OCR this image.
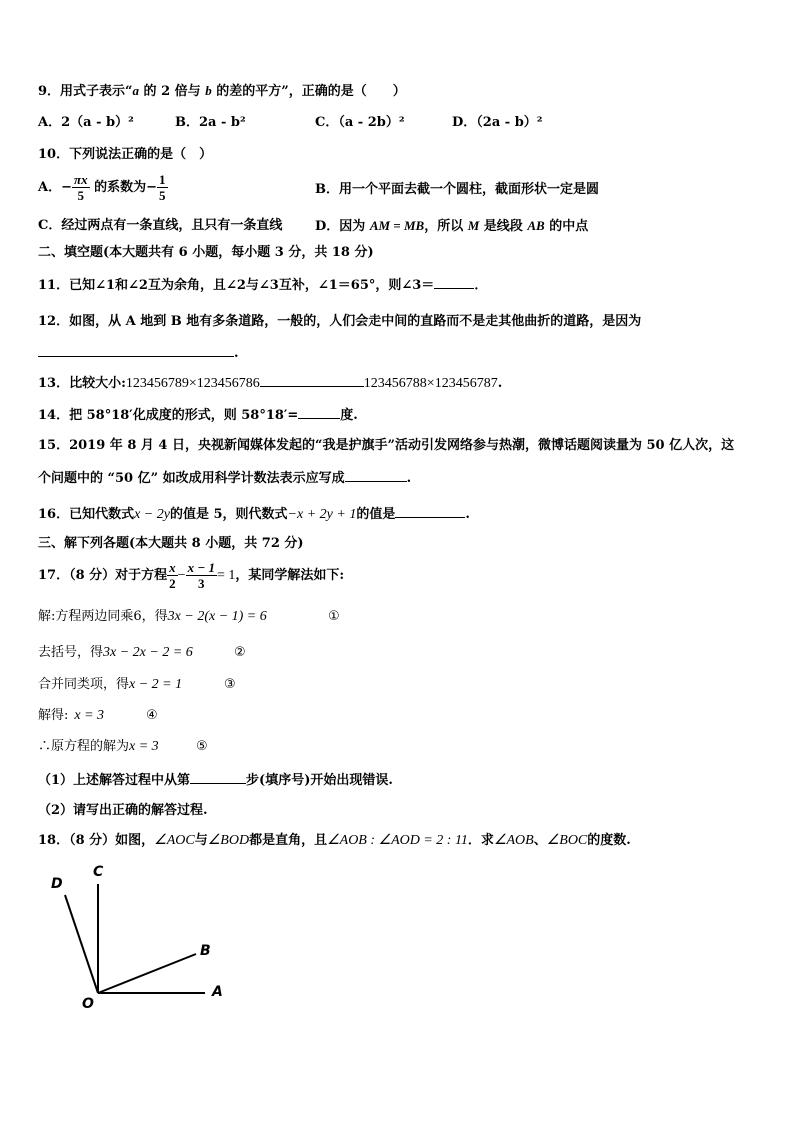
9．用式子表示“a 的 2 倍与 b 的差的平方”，正确的是（　　）
A．2（a - b）²	B．2a - b²	C．（a - 2b）²	D．（2a - b）²
10．下列说法正确的是（　）
A．− $\frac{\pi x}{5}$ 的系数为− $\frac{1}{5}$	B．用一个平面去截一个圆柱，截面形状一定是圆
C．经过两点有一条直线，且只有一条直线	D．因为 AM = MB，所以 M 是线段 AB 的中点
二、填空题(本大题共有 6 小题，每小题 3 分，共 18 分)
11．已知∠1和∠2互为余角，且∠2与∠3互补，∠1＝65°，则∠3＝	．
12．如图，从 A 地到 B 地有多条道路，一般的，人们会走中间的直路而不是走其他曲折的道路，是因为
.
13．比较大小:123456789×123456786	123456788×123456787.
14．把 58°18′化成度的形式，则 58°18′=	度.
15．2019 年 8 月 4 日，央视新闻媒体发起的“我是护旗手”活动引发网络参与热潮，微博话题阅读量为 50 亿人次，这
个问题中的 “50 亿” 如改成用科学计数法表示应写成	.
16．已知代数式x − 2y的值是 5，则代数式−x + 2y + 1的值是	.
三、解下列各题(本大题共 8 小题，共 72 分)
17．（8 分）对于方程 $\frac{x}{2} - \frac{x - 1}{3} = 1$，某同学解法如下:
解:方程两边同乘6，得3x − 2(x − 1) = 6	①
去括号，得3x − 2x − 2 = 6	②
合并同类项，得x − 2 = 1	③
解得: x = 3	④
∴原方程的解为x = 3	⑤
（1）上述解答过程中从第	步(填序号)开始出现错误.
（2）请写出正确的解答过程.
18．（8 分）如图，∠AOC与∠BOD都是直角，且∠AOB : ∠AOD = 2 : 11．求∠AOB、∠BOC的度数.
D
C
B
O
A
